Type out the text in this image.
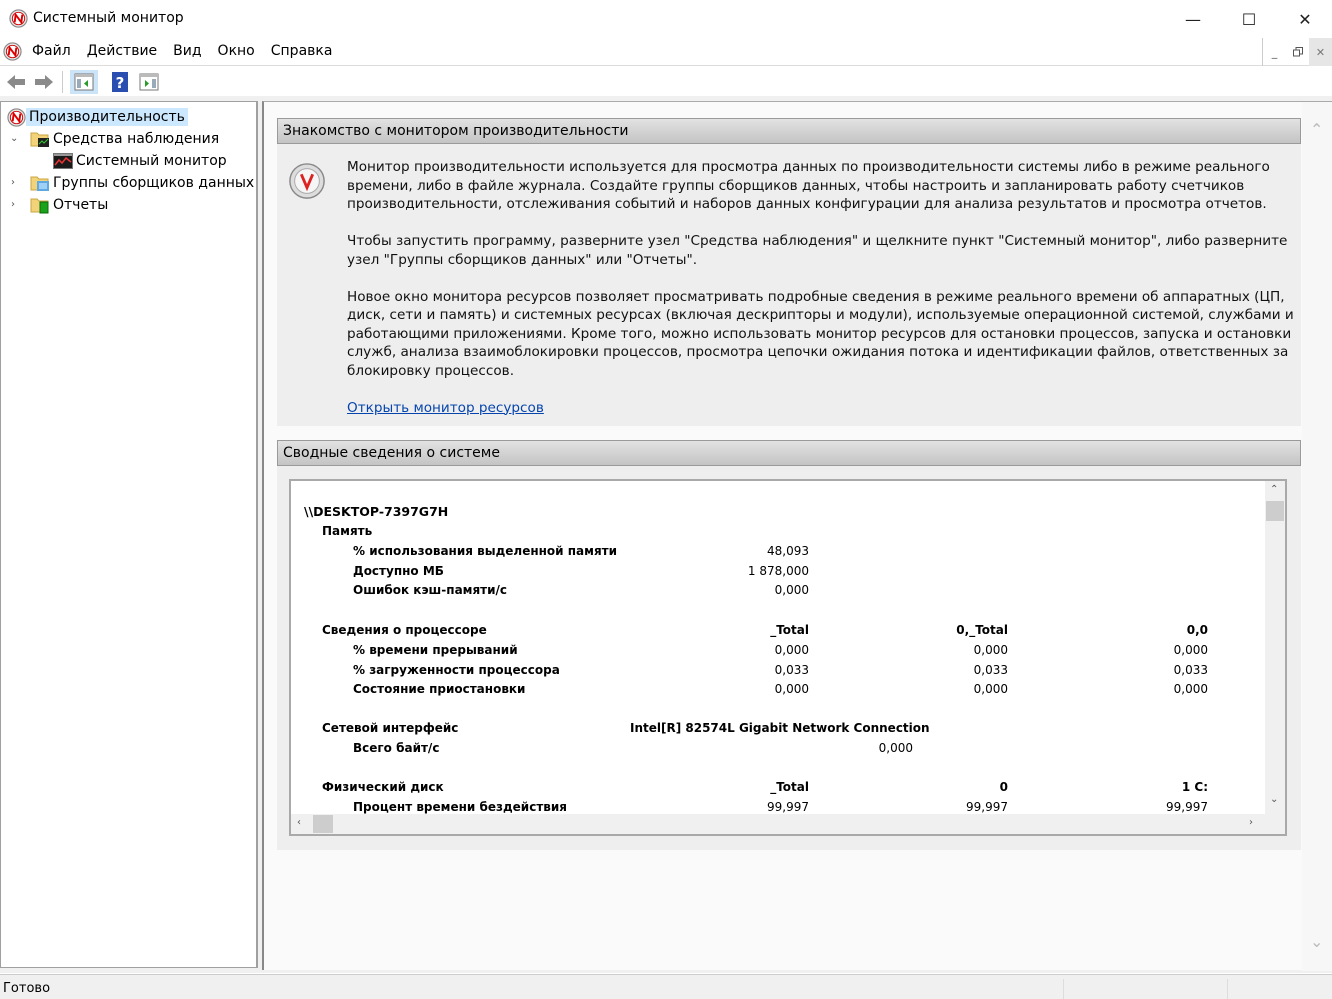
Системный монитор	—	☐	✕
Файл	Действие	Вид	Окно	Справка	_	✕
?
Производительность
⌄ Средства наблюдения
Системный монитор
›	Группы сборщиков данных
›	Отчеты
Знакомство с монитором производительности

Монитор производительности используется для просмотра данных по производительности системы либо в режиме реального времени, либо в файле журнала. Создайте группы сборщиков данных, чтобы настроить и запланировать работу счетчиков производительности, отслеживания событий и наборов данных конфигурации для анализа результатов и просмотра отчетов.

Чтобы запустить программу, разверните узел "Средства наблюдения" и щелкните пункт "Системный монитор", либо разверните узел "Группы сборщиков данных" или "Отчеты".

Новое окно монитора ресурсов позволяет просматривать подробные сведения в режиме реального времени об аппаратных (ЦП, диск, сети и память) и системных ресурсах (включая дескрипторы и модули), используемые операционной системой, службами и работающими приложениями. Кроме того, можно использовать монитор ресурсов для остановки процессов, запуска и остановки служб, анализа взаимоблокировки процессов, просмотра цепочки ожидания потока и идентификации файлов, ответственных за блокировку процессов.

Открыть монитор ресурсов
Сводные сведения о системе
\\DESKTOP-7397G7H
Память
% использования выделенной памяти	48,093
Доступно МБ	1 878,000
Ошибок кэш-памяти/с	0,000
Сведения о процессоре	_Total	0,_Total	0,0
% времени прерываний	0,000	0,000	0,000
% загруженности процессора	0,033	0,033	0,033
Состояние приостановки	0,000	0,000	0,000
Сетевой интерфейс	Intel[R] 82574L Gigabit Network Connection
Всего байт/с	0,000
Физический диск	_Total	0	1 C:
Процент времени бездействия	99,997	99,997	99,997
⌃
⌄
‹	›
⌃
⌄
Готово
